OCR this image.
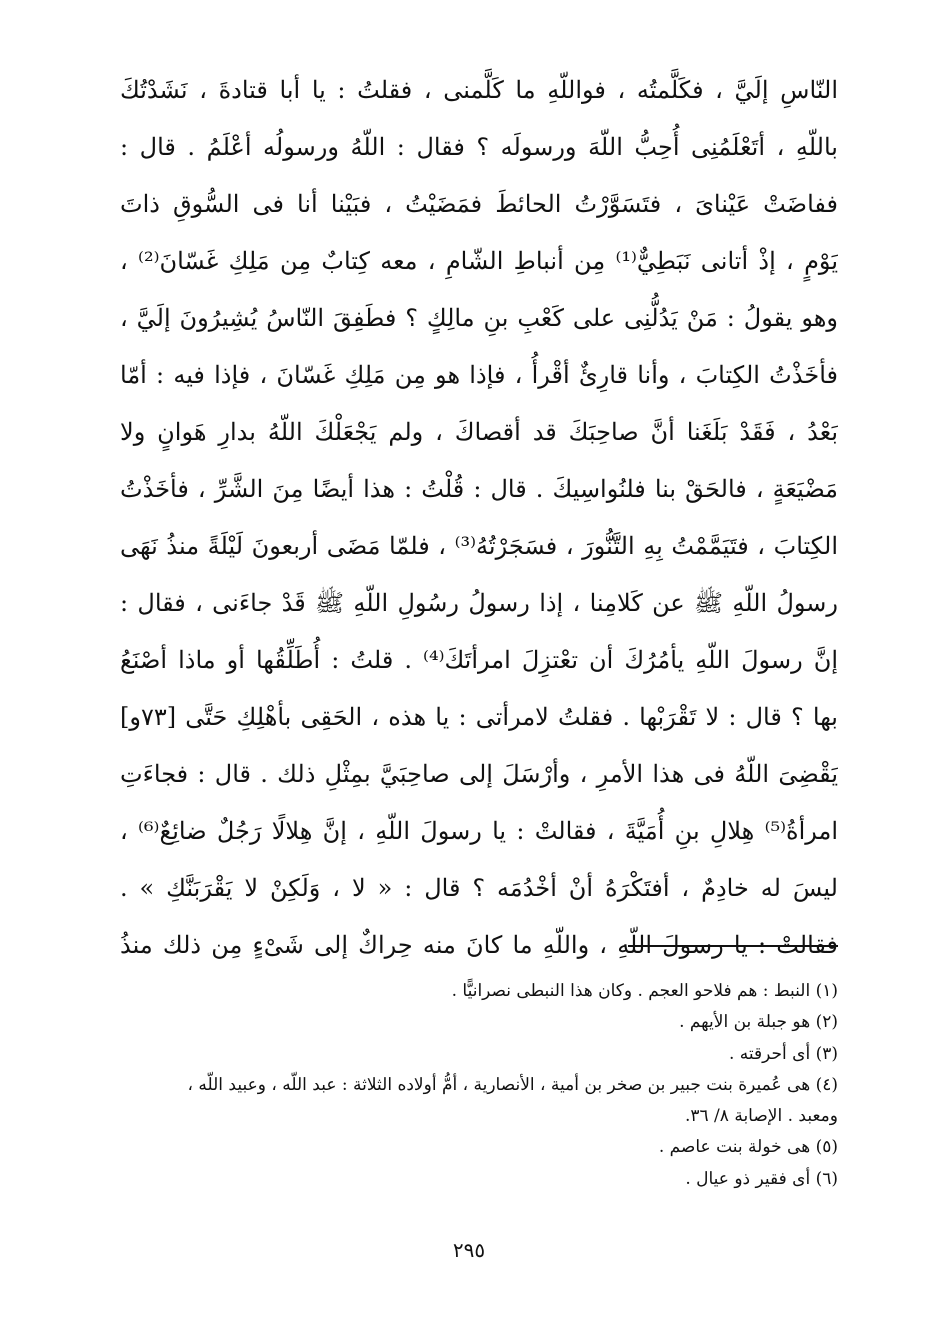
النّاسِ إلَيَّ ، فكَلَّمتُه ، فواللّهِ ما كَلَّمنى ، فقلتُ : يا أبا قتادةَ ، نَشَدْتُكَ
باللّهِ ، أتَعْلَمُنِى أُحِبُّ اللّهَ ورسولَه ؟ فقال : اللّهُ ورسولُه أعْلَمُ . قال :
ففاضَتْ عَيْناىَ ، فتَسَوَّرْتُ الحائطَ فمَضَيْتُ ، فبَيْنا أنا فى السُّوقِ ذاتَ
يَوْمٍ ، إذْ أتانى نَبَطِيٌّ⁽¹⁾ مِن أنباطِ الشّامِ ، معه كِتابٌ مِن مَلِكِ غَسّانَ⁽²⁾ ،
وهو يقولُ : مَنْ يَدُلُّنِى على كَعْبِ بنِ مالِكٍ ؟ فطَفِقَ النّاسُ يُشِيرُونَ إلَيَّ ،
فأخَذْتُ الكِتابَ ، وأنا قارِئٌ أقْرأُ ، فإذا هو مِن مَلِكِ غَسّانَ ، فإذا فيه : أمّا
بَعْدُ ، فَقَدْ بَلَغَنا أنَّ صاحِبَكَ قد أقصاكَ ، ولم يَجْعَلْكَ اللّهُ بدارِ هَوانٍ ولا
مَضْيَعَةٍ ، فالحَقْ بنا فلنُواسِيكَ . قال : قُلْتُ : هذا أيضًا مِنَ الشَّرِّ ، فأخَذْتُ
الكِتابَ ، فتَيَمَّمْتُ بِهِ التَّنُّورَ ، فسَجَرْتُهُ⁽³⁾ ، فلمّا مَضَى أربعونَ لَيْلَةً منذُ نَهَى
رسولُ اللّهِ ﷺ عن كَلامِنا ، إذا رسولُ رسُولِ اللّهِ ﷺ قَدْ جاءَنى ، فقال :
إنَّ رسولَ اللّهِ يأمُرُكَ أن تعْتزِلَ امرأتَكَ⁽⁴⁾ . قلتُ : أُطَلِّقُها أو ماذا أصْنَعُ
بها ؟ قال : لا تَقْرَبْها . فقلتُ لامرأتى : يا هذه ، الحَقِى بأهْلِكِ حَتَّى [٧٣و]
يَقْضِىَ اللّهُ فى هذا الأمرِ ، وأرْسَلَ إلى صاحِبَيَّ بمِثْلِ ذلك . قال : فجاءَتِ
امرأةُ⁽⁵⁾ هِلالِ بنِ أُمَيَّةَ ، فقالتْ : يا رسولَ اللّهِ ، إنَّ هِلالًا رَجُلٌ ضائِعٌ⁽⁶⁾ ،
ليسَ له خادِمٌ ، أفتَكْرَهُ أنْ أخْدُمَه ؟ قال : « لا ، وَلَكِنْ لا يَقْرَبَنَّكِ » .
فقالتْ : يا رسولَ اللّهِ ، واللّهِ ما كانَ منه حِراكٌ إلى شَىْءٍ مِن ذلك منذُ
(١) النبط : هم فلاحو العجم . وكان هذا النبطى نصرانيًّا .
(٢) هو جبلة بن الأيهم .
(٣) أى أحرقته .
(٤) هى عُميرة بنت جبير بن صخر بن أمية ، الأنصارية ، أمُّ أولاده الثلاثة : عبد اللّه ، وعبيد اللّه ،
ومعبد . الإصابة ٨/ ٣٦.
(٥) هى خولة بنت عاصم .
(٦) أى فقير ذو عيال .
٢٩٥
